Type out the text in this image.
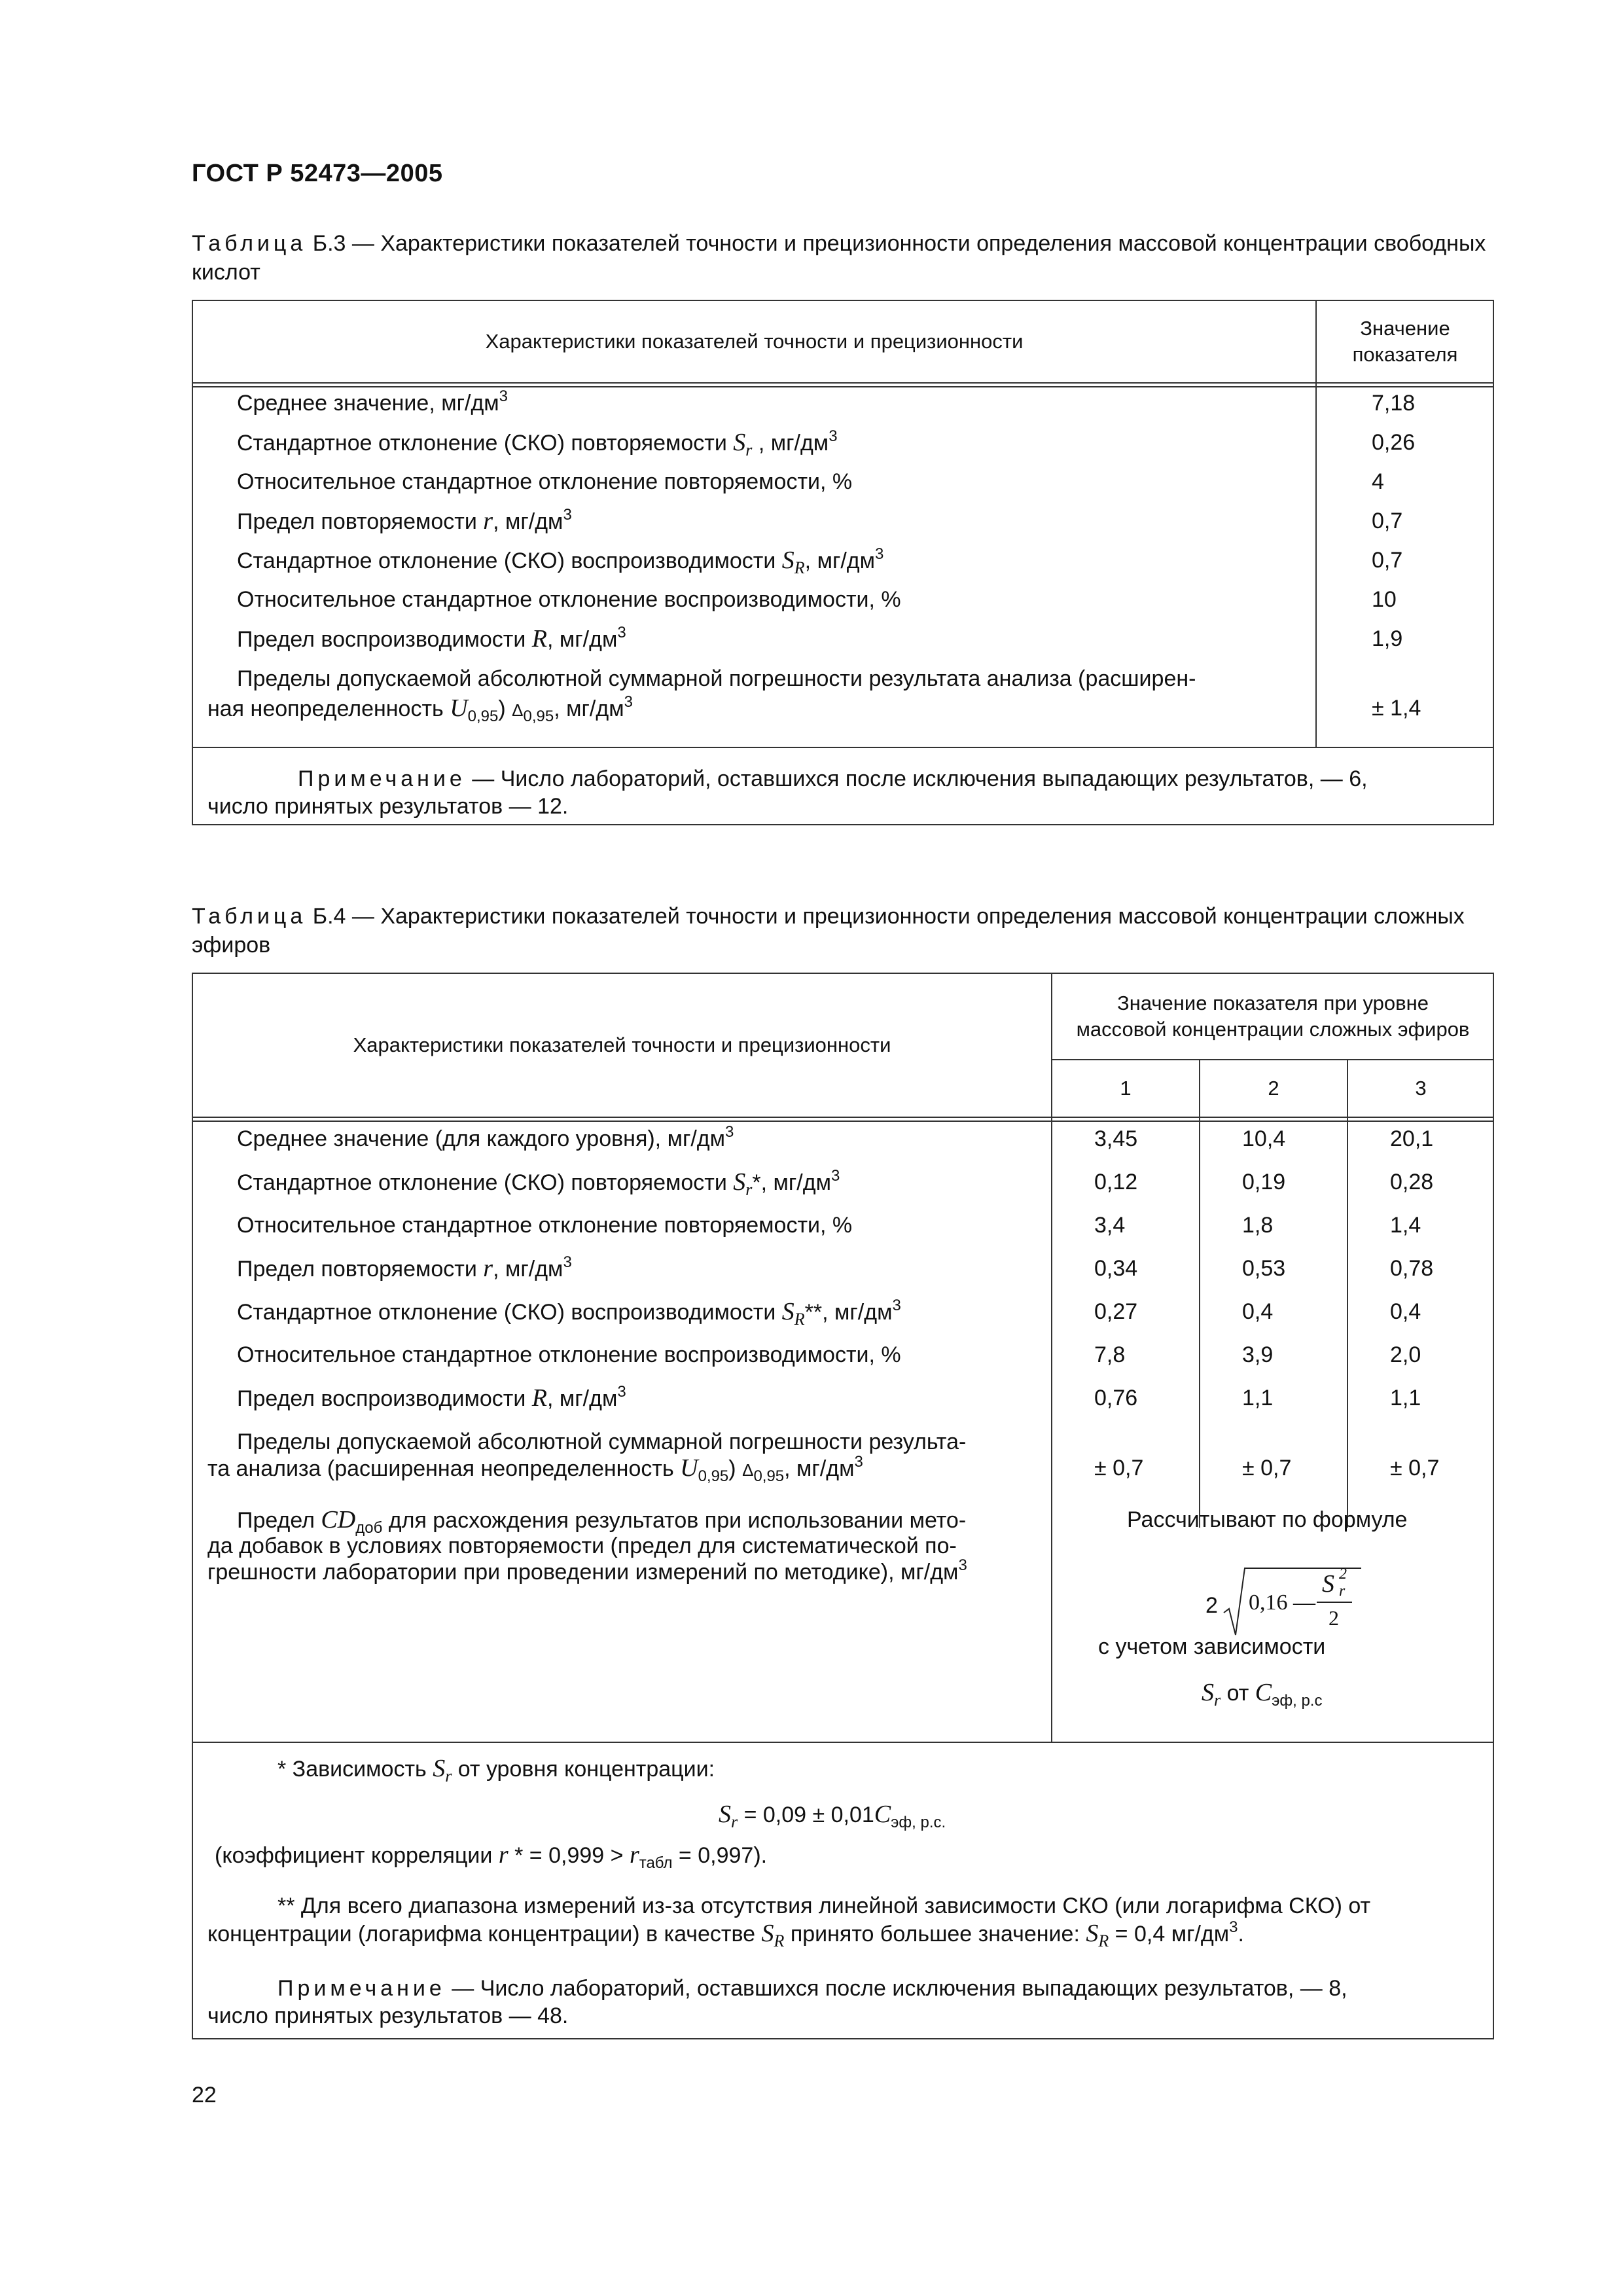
ГОСТ Р 52473—2005
Таблица Б.3 — Характеристики показателей точности и прецизионности определения массовой концентрации свободных кислот
Характеристики показателей точности и прецизионности
Значение
показателя
Среднее значение, $мг/дм^3$	7,18
Стандартное отклонение (СКО) повторяемости $S_r$ , $мг/дм^3$	0,26
Относительное стандартное отклонение повторяемости, %	4
Предел повторяемости r, $мг/дм^3$	0,7
Стандартное отклонение (СКО) воспроизводимости $S_R$, $мг/дм^3$	0,7
Относительное стандартное отклонение воспроизводимости, %	10
Предел воспроизводимости R, $мг/дм^3$	1,9
Пределы допускаемой абсолютной суммарной погрешности результата анализа (расширен-
ная неопределенность $U_{0,95}$) $\Delta_{0,95}$, $мг/дм^3$	± 1,4
Примечание — Число лабораторий, оставшихся после исключения выпадающих результатов, — 6,
число принятых результатов — 12.
Таблица Б.4 — Характеристики показателей точности и прецизионности определения массовой концентрации сложных эфиров
Характеристики показателей точности и прецизионности
Значение показателя при уровне
массовой концентрации сложных эфиров
1	2	3
Среднее значение (для каждого уровня), $мг/дм^3$	3,45	10,4	20,1
Стандартное отклонение (СКО) повторяемости $S_r*$, $мг/дм^3$	0,12	0,19	0,28
Относительное стандартное отклонение повторяемости, %	3,4	1,8	1,4
Предел повторяемости r, $мг/дм^3$	0,34	0,53	0,78
Стандартное отклонение (СКО) воспроизводимости $S_R**$, $мг/дм^3$	0,27	0,4	0,4
Относительное стандартное отклонение воспроизводимости, %	7,8	3,9	2,0
Предел воспроизводимости R, $мг/дм^3$	0,76	1,1	1,1
Пределы допускаемой абсолютной суммарной погрешности результа-
та анализа (расширенная неопределенность $U_{0,95}$) $\Delta_{0,95}$, $мг/дм^3$	± 0,7	± 0,7	± 0,7
Предел $CD_{доб}$ для расхождения результатов при использовании мето-
да добавок в условиях повторяемости (предел для систематической по-
грешности лаборатории при проведении измерений по методике), $мг/дм^3$
Рассчитывают по формуле
2 0,16 —
S 2
r
2
с учетом зависимости
$S_r$ от $C_{эф, р.с}$
* Зависимость $S_r$ от уровня концентрации:
$S_r = 0,09 \pm 0,01C_{эф, р.с.}$
(коэффициент корреляции r * = $0,999 > r_{табл} = 0,997$).
** Для всего диапазона измерений из-за отсутствия линейной зависимости СКО (или логарифма СКО) от
концентрации (логарифма концентрации) в качестве $S_R$ принято большее значение: $S_R = 0,4$ $мг/дм^3$.
Примечание — Число лабораторий, оставшихся после исключения выпадающих результатов, — 8,
число принятых результатов — 48.
22
